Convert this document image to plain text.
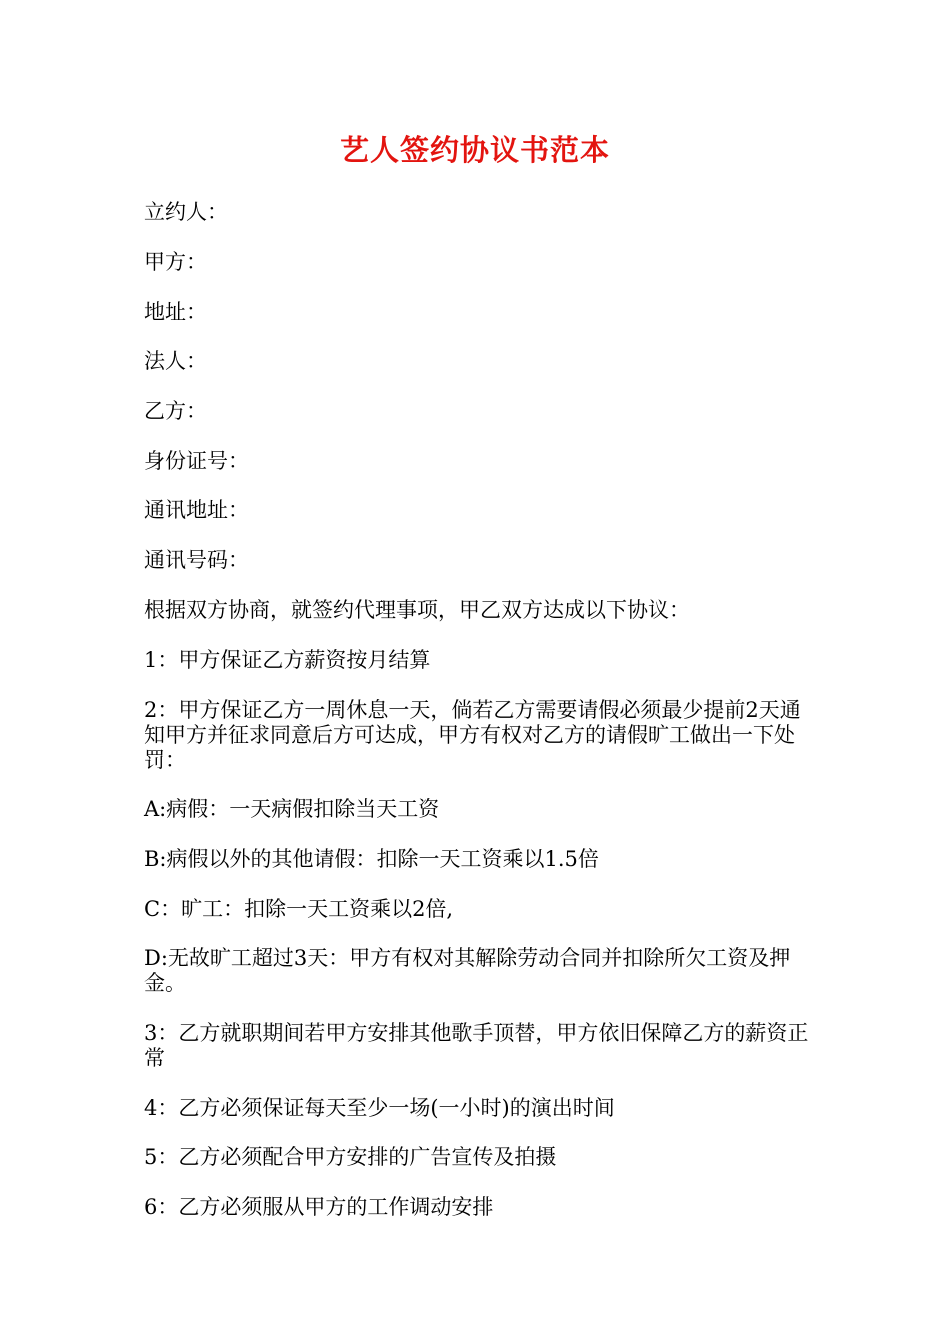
艺人签约协议书范本
立约人：
甲方：
地址：
法人：
乙方：
身份证号：
通讯地址：
通讯号码：
根据双方协商，就签约代理事项，甲乙双方达成以下协议：
1：甲方保证乙方薪资按月结算
2：甲方保证乙方一周休息一天，倘若乙方需要请假必须最少提前2天通知甲方并征求同意后方可达成，甲方有权对乙方的请假旷工做出一下处罚：
A:病假：一天病假扣除当天工资
B:病假以外的其他请假：扣除一天工资乘以1.5倍
C：旷工：扣除一天工资乘以2倍,
D:无故旷工超过3天：甲方有权对其解除劳动合同并扣除所欠工资及押金。
3：乙方就职期间若甲方安排其他歌手顶替，甲方依旧保障乙方的薪资正常
4：乙方必须保证每天至少一场(一小时)的演出时间
5：乙方必须配合甲方安排的广告宣传及拍摄
6：乙方必须服从甲方的工作调动安排
